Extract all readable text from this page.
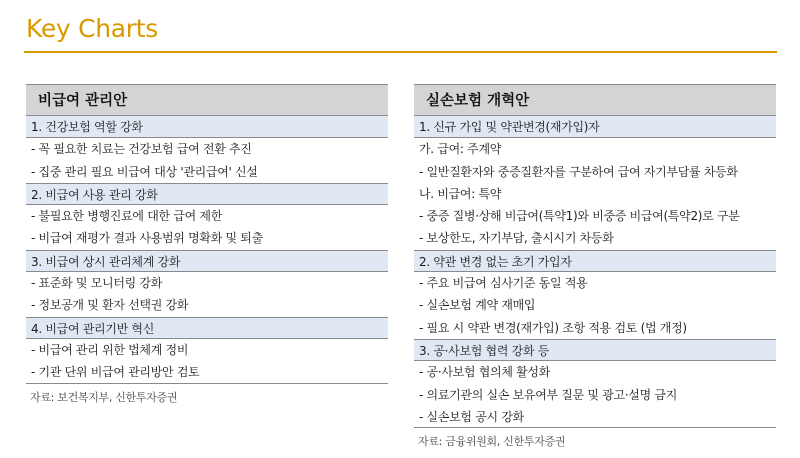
Key Charts
비급여 관리안
1. 건강보험 역할 강화
- 꼭 필요한 치료는 건강보험 급여 전환 추진
- 집중 관리 필요 비급여 대상 '관리급여' 신설
2. 비급여 사용 관리 강화
- 불필요한 병행진료에 대한 급여 제한
- 비급여 재평가 결과 사용범위 명확화 및 퇴출
3. 비급여 상시 관리체계 강화
- 표준화 및 모니터링 강화
- 정보공개 및 환자 선택권 강화
4. 비급여 관리기반 혁신
- 비급여 관리 위한 법체계 정비
- 기관 단위 비급여 관리방안 검토
자료: 보건복지부, 신한투자증권
실손보험 개혁안
1. 신규 가입 및 약관변경(재가입)자
가. 급여: 주계약
- 일반질환자와 중증질환자를 구분하여 급여 자기부담률 차등화
나. 비급여: 특약
- 중증 질병·상해 비급여(특약1)와 비중증 비급여(특약2)로 구분
- 보상한도, 자기부담, 출시시기 차등화
2. 약관 변경 없는 초기 가입자
- 주요 비급여 심사기준 동일 적용
- 실손보험 계약 재매입
- 필요 시 약관 변경(재가입) 조항 적용 검토 (법 개정)
3. 공·사보험 협력 강화 등
- 공·사보험 협의체 활성화
- 의료기관의 실손 보유여부 질문 및 광고·설명 금지
- 실손보험 공시 강화
자료: 금융위원회, 신한투자증권
